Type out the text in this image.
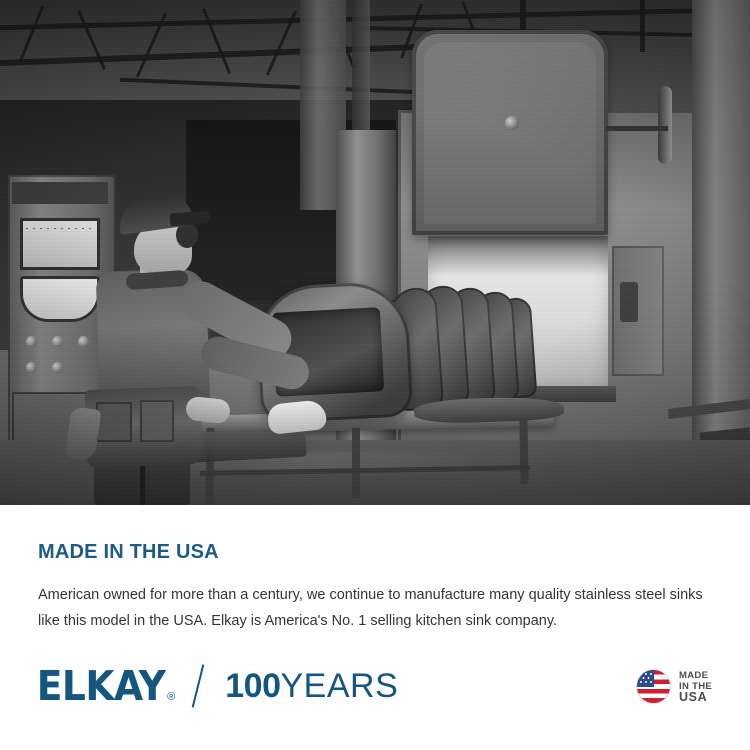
MADE IN THE USA

American owned for more than a century, we continue to manufacture many quality stainless steel sinks like this model in the USA. Elkay is America's No. 1 selling kitchen sink company.

ELKAY ® 100YEARS	MADE
IN THE
USA
